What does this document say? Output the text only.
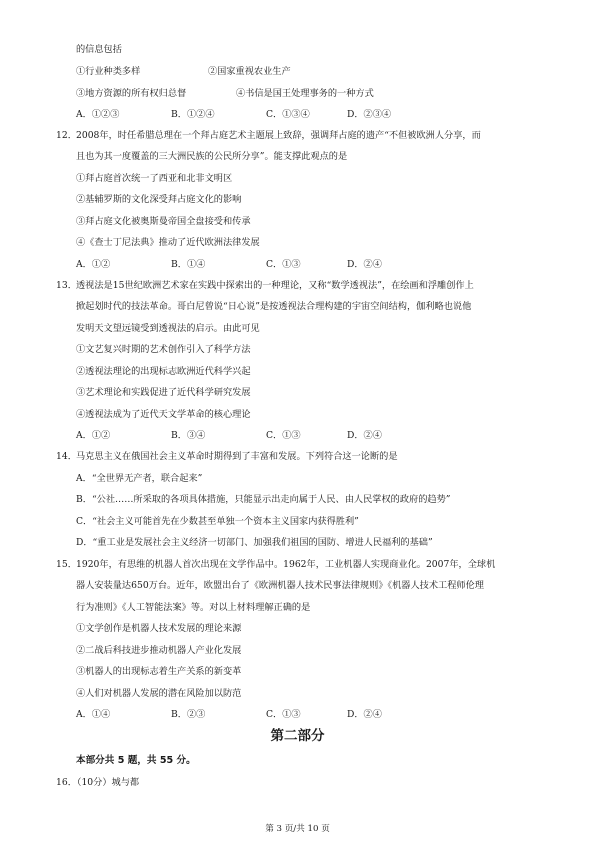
的信息包括
①行业种类多样	②国家重视农业生产
③地方资源的所有权归总督	④书信是国王处理事务的一种方式
A．①②③	B．①②④	C．①③④	D．②③④
12． 2008年，时任希腊总理在一个拜占庭艺术主题展上致辞，强调拜占庭的遗产“不但被欧洲人分享，而
且也为其一度覆盖的三大洲民族的公民所分享”。能支撑此观点的是
①拜占庭首次统一了西亚和北非文明区
②基辅罗斯的文化深受拜占庭文化的影响
③拜占庭文化被奥斯曼帝国全盘接受和传承
④《查士丁尼法典》推动了近代欧洲法律发展
A．①②	B．①④	C．①③	D．②④
13． 透视法是15世纪欧洲艺术家在实践中探索出的一种理论，又称“数学透视法”，在绘画和浮雕创作上
掀起划时代的技法革命。哥白尼曾说“日心说”是按透视法合理构建的宇宙空间结构，伽利略也说他
发明天文望远镜受到透视法的启示。由此可见
①文艺复兴时期的艺术创作引入了科学方法
②透视法理论的出现标志欧洲近代科学兴起
③艺术理论和实践促进了近代科学研究发展
④透视法成为了近代天文学革命的核心理论
A．①②	B．③④	C．①③	D．②④
14． 马克思主义在俄国社会主义革命时期得到了丰富和发展。下列符合这一论断的是
A．“全世界无产者，联合起来”
B．“公社……所采取的各项具体措施，只能显示出走向属于人民、由人民掌权的政府的趋势”
C．“社会主义可能首先在少数甚至单独一个资本主义国家内获得胜利”
D．“重工业是发展社会主义经济一切部门、加强我们祖国的国防、增进人民福利的基础”
15． 1920年，有思维的机器人首次出现在文学作品中。1962年，工业机器人实现商业化。2007年，全球机
器人安装量达650万台。近年，欧盟出台了《欧洲机器人技术民事法律规则》《机器人技术工程师伦理
行为准则》《人工智能法案》等。对以上材料理解正确的是
①文学创作是机器人技术发展的理论来源
②二战后科技进步推动机器人产业化发展
③机器人的出现标志着生产关系的新变革
④人们对机器人发展的潜在风险加以防范
A．①④	B．②③	C．①③	D．②④
第二部分
本部分共 5 题，共 55 分。
16．（10分）城与都
第 3 页/共 10 页
